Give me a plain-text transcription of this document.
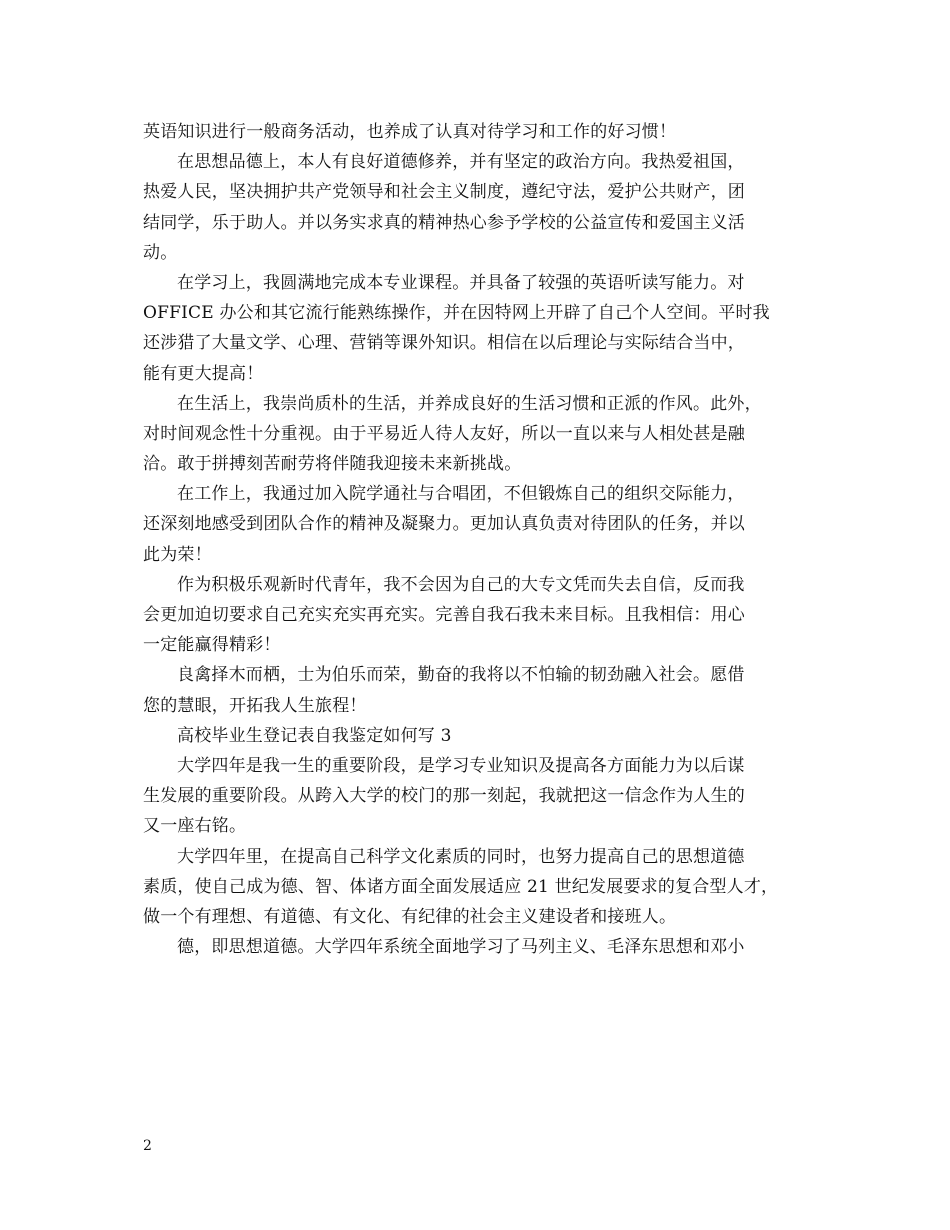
英语知识进行一般商务活动，也养成了认真对待学习和工作的好习惯！
在思想品德上，本人有良好道德修养，并有坚定的政治方向。我热爱祖国，
热爱人民，坚决拥护共产党领导和社会主义制度，遵纪守法，爱护公共财产，团
结同学，乐于助人。并以务实求真的精神热心参予学校的公益宣传和爱国主义活
动。
在学习上，我圆满地完成本专业课程。并具备了较强的英语听读写能力。对
OFFICE 办公和其它流行能熟练操作，并在因特网上开辟了自己个人空间。平时我
还涉猎了大量文学、心理、营销等课外知识。相信在以后理论与实际结合当中，
能有更大提高！
在生活上，我崇尚质朴的生活，并养成良好的生活习惯和正派的作风。此外，
对时间观念性十分重视。由于平易近人待人友好，所以一直以来与人相处甚是融
洽。敢于拼搏刻苦耐劳将伴随我迎接未来新挑战。
在工作上，我通过加入院学通社与合唱团，不但锻炼自己的组织交际能力，
还深刻地感受到团队合作的精神及凝聚力。更加认真负责对待团队的任务，并以
此为荣！
作为积极乐观新时代青年，我不会因为自己的大专文凭而失去自信，反而我
会更加迫切要求自己充实充实再充实。完善自我石我未来目标。且我相信：用心
一定能赢得精彩！
良禽择木而栖，士为伯乐而荣，勤奋的我将以不怕输的韧劲融入社会。愿借
您的慧眼，开拓我人生旅程！
高校毕业生登记表自我鉴定如何写 3
大学四年是我一生的重要阶段，是学习专业知识及提高各方面能力为以后谋
生发展的重要阶段。从跨入大学的校门的那一刻起，我就把这一信念作为人生的
又一座右铭。
大学四年里，在提高自己科学文化素质的同时，也努力提高自己的思想道德
素质，使自己成为德、智、体诸方面全面发展适应 21 世纪发展要求的复合型人才，
做一个有理想、有道德、有文化、有纪律的社会主义建设者和接班人。
德，即思想道德。大学四年系统全面地学习了马列主义、毛泽东思想和邓小
2
